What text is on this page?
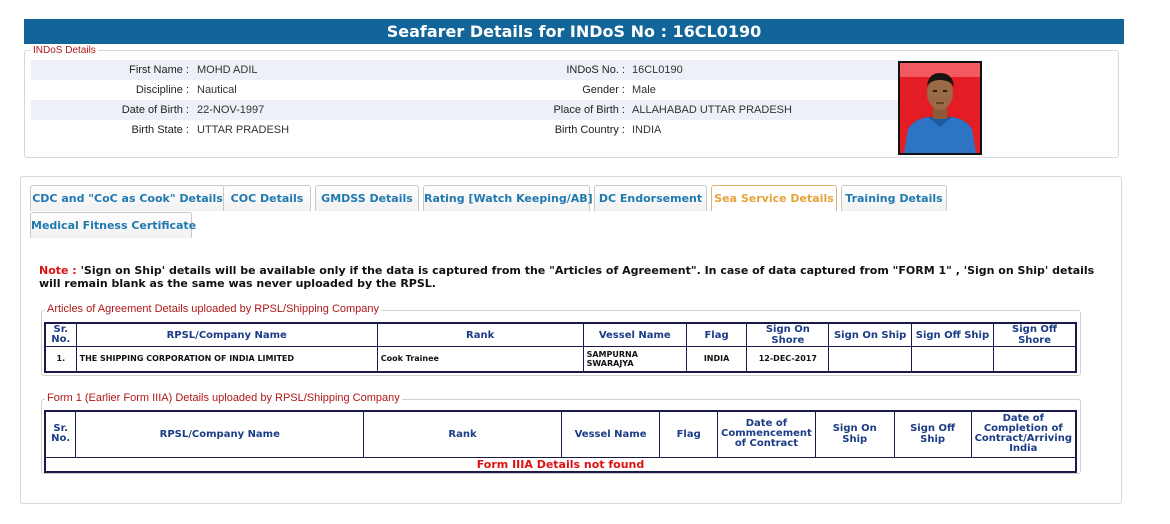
Seafarer Details for INDoS No : 16CL0190
INDoS Details
First Name : MOHD ADIL	INDoS No. : 16CL0190
Discipline : Nautical	Gender : Male
Date of Birth : 22-NOV-1997	Place of Birth : ALLAHABAD UTTAR PRADESH
Birth State : UTTAR PRADESH	Birth Country : INDIA
CDC and "CoC as Cook" Details COC Details	GMDSS Details	Rating [Watch Keeping/AB] DC Endorsement	Sea Service Details	Training Details
Medical Fitness Certificate
Note : 'Sign on Ship' details will be available only if the data is captured from the "Articles of Agreement". In case of data captured from "FORM 1" , 'Sign on Ship' details will remain blank as the same was never uploaded by the RPSL.
Articles of Agreement Details uploaded by RPSL/Shipping Company
Sr. No.	RPSL/Company Name	Rank	Vessel Name	Flag	Sign On Shore	Sign On Ship	Sign Off Ship	Sign Off Shore
1.	THE SHIPPING CORPORATION OF INDIA LIMITED	Cook Trainee	SAMPURNA SWARAJYA	INDIA	12-DEC-2017			
Form 1 (Earlier Form IIIA) Details uploaded by RPSL/Shipping Company
Sr. No.	RPSL/Company Name	Rank	Vessel Name	Flag	Date of Commencement of Contract	Sign On Ship	Sign Off Ship	Date of Completion of Contract/Arriving India
Form IIIA Details not found
